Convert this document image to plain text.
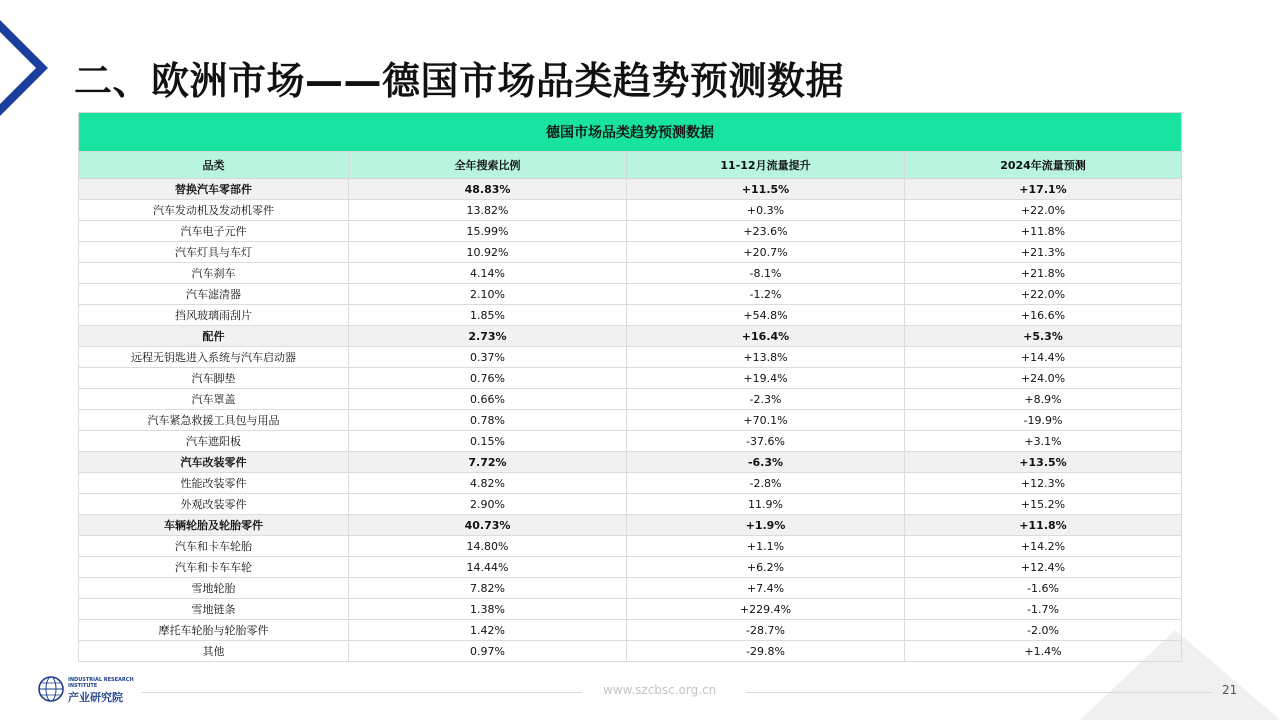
二、欧洲市场——德国市场品类趋势预测数据
德国市场品类趋势预测数据			
品类	全年搜索比例	11-12月流量提升	2024年流量预测
替换汽车零部件	48.83%	+11.5%	+17.1%
汽车发动机及发动机零件	13.82%	+0.3%	+22.0%
汽车电子元件	15.99%	+23.6%	+11.8%
汽车灯具与车灯	10.92%	+20.7%	+21.3%
汽车刹车	4.14%	-8.1%	+21.8%
汽车滤清器	2.10%	-1.2%	+22.0%
挡风玻璃雨刮片	1.85%	+54.8%	+16.6%
配件	2.73%	+16.4%	+5.3%
远程无钥匙进入系统与汽车启动器	0.37%	+13.8%	+14.4%
汽车脚垫	0.76%	+19.4%	+24.0%
汽车罩盖	0.66%	-2.3%	+8.9%
汽车紧急救援工具包与用品	0.78%	+70.1%	-19.9%
汽车遮阳板	0.15%	-37.6%	+3.1%
汽车改装零件	7.72%	-6.3%	+13.5%
性能改装零件	4.82%	-2.8%	+12.3%
外观改装零件	2.90%	11.9%	+15.2%
车辆轮胎及轮胎零件	40.73%	+1.9%	+11.8%
汽车和卡车轮胎	14.80%	+1.1%	+14.2%
汽车和卡车车轮	14.44%	+6.2%	+12.4%
雪地轮胎	7.82%	+7.4%	-1.6%
雪地链条	1.38%	+229.4%	-1.7%
摩托车轮胎与轮胎零件	1.42%	-28.7%	-2.0%
其他	0.97%	-29.8%	+1.4%
INDUSTRIAL RESEARCH INSTITUTE
产业研究院
www.szcbsc.org.cn	21
